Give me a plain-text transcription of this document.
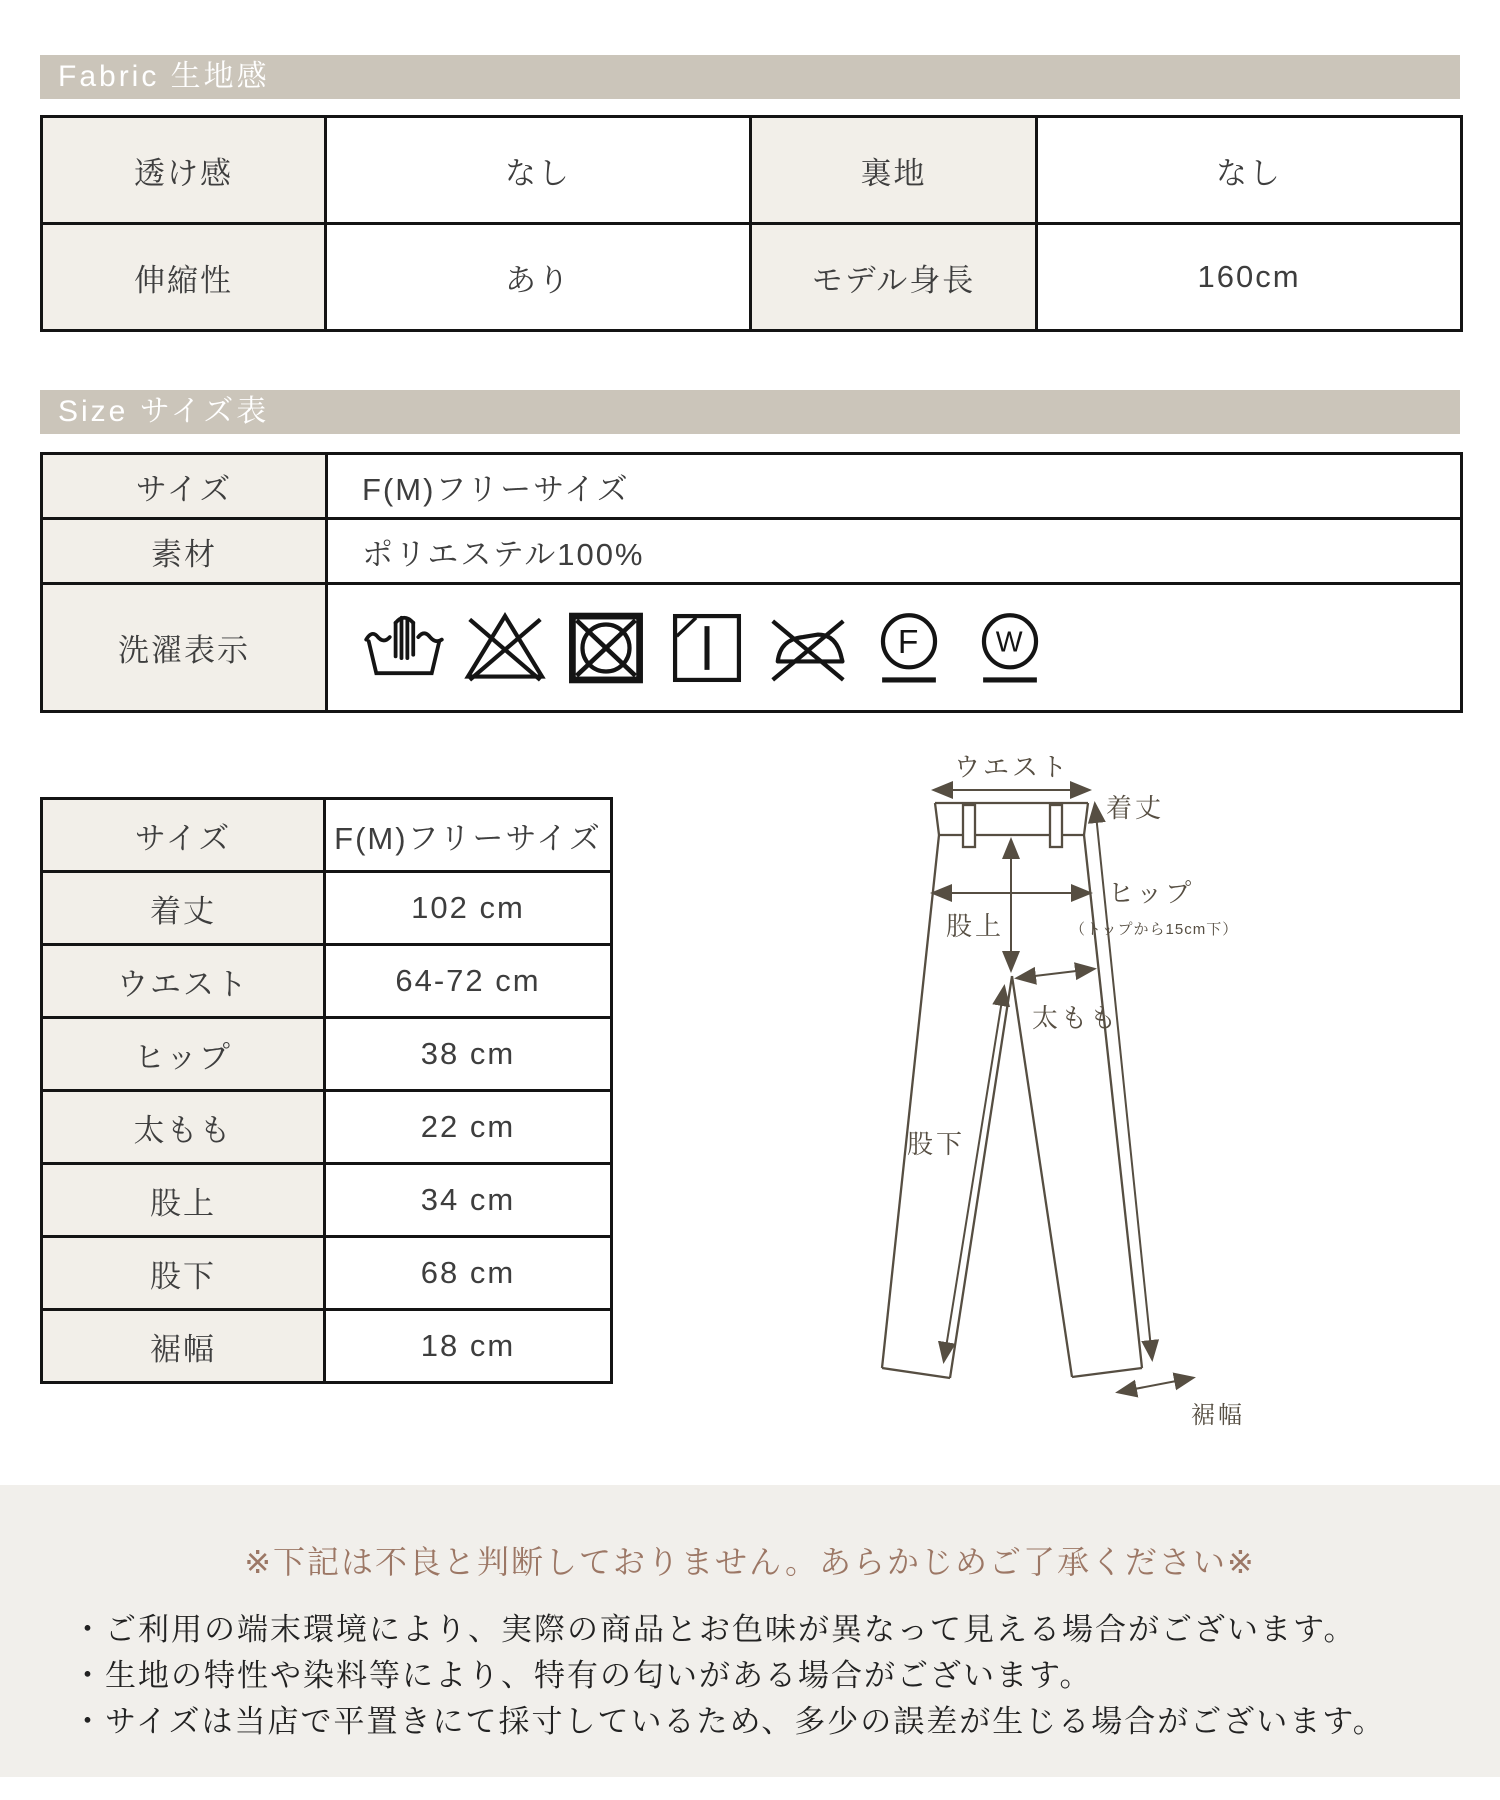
Fabric 生地感
透け感	なし	裏地	なし
伸縮性	あり	モデル身長	160cm
Size サイズ表
サイズ	F(M)フリーサイズ
素材	ポリエステル100%
洗濯表示	F W
サイズ	F(M)フリーサイズ
着丈	102 cm
ウエスト	64-72 cm
ヒップ	38 cm
太もも	22 cm
股上	34 cm
股下	68 cm
裾幅	18 cm
ウエスト
着丈
ヒップ
（トップから15cm下）
股上
太もも
股下
裾幅
※下記は不良と判断しておりません。あらかじめご了承ください※
・ご利用の端末環境により、実際の商品とお色味が異なって見える場合がございます。
・生地の特性や染料等により、特有の匂いがある場合がございます。
・サイズは当店で平置きにて採寸しているため、多少の誤差が生じる場合がございます。
